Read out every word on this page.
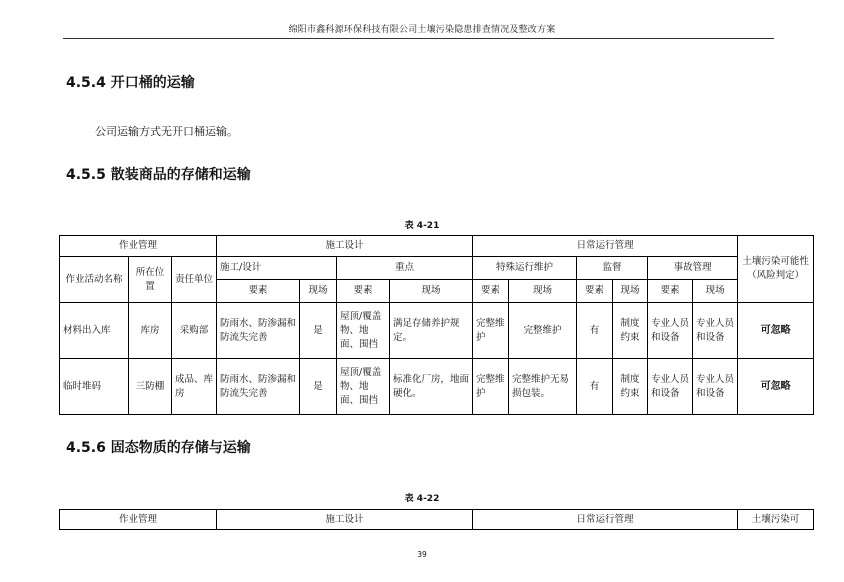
绵阳市鑫科源环保科技有限公司土壤污染隐患排查情况及整改方案
4.5.4 开口桶的运输
公司运输方式无开口桶运输。
4.5.5 散装商品的存储和运输
表 4-21
作业管理			施工设计				日常运行管理						土壤污染可能性（风险判定）
作业活动名称	所在位置	责任单位	施工/设计		重点		特殊运行维护		监督		事故管理		
			要素	现场	要素	现场	要素	现场	要素	现场	要素	现场	
材料出入库	库房	采购部	防雨水、防渗漏和防流失完善	是	屋顶/覆盖物、地面、围挡	满足存储养护规定。	完整维护	完整维护	有	制度约束	专业人员和设备	专业人员和设备	可忽略
临时堆码	三防棚	成品、库房	防雨水、防渗漏和防流失完善	是	屋顶/覆盖物、地面、围挡	标准化厂房，地面硬化。	完整维护	完整维护无易损包装。	有	制度约束	专业人员和设备	专业人员和设备	可忽略
4.5.6 固态物质的存储与运输
表 4-22
作业管理	施工设计	日常运行管理	土壤污染可
39
